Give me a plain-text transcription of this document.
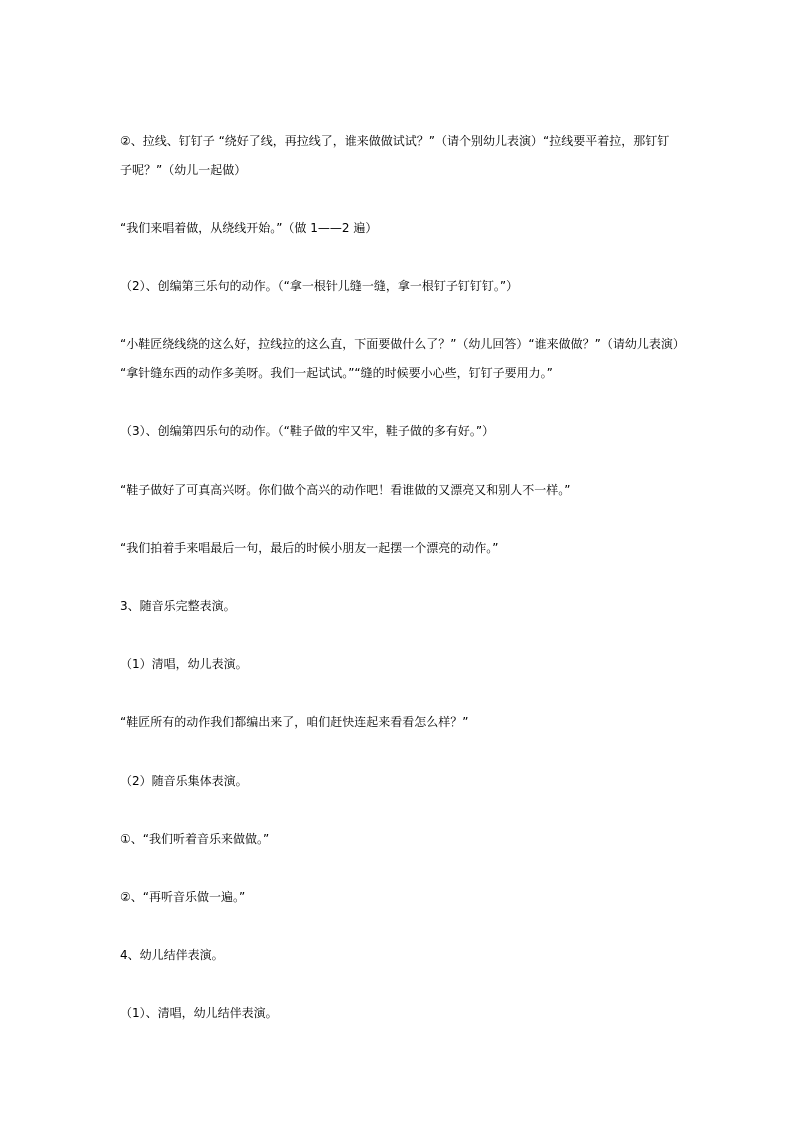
②、拉线、钉钉子 “绕好了线，再拉线了，谁来做做试试？”（请个别幼儿表演）“拉线要平着拉，那钉钉
子呢？”（幼儿一起做）
“我们来唱着做，从绕线开始。”（做 1——2 遍）
（2）、创编第三乐句的动作。（“拿一根针儿缝一缝，拿一根钉子钉钉钉。”）
“小鞋匠绕线绕的这么好，拉线拉的这么直，下面要做什么了？”（幼儿回答）“谁来做做？”（请幼儿表演）
“拿针缝东西的动作多美呀。我们一起试试。”“缝的时候要小心些，钉钉子要用力。”
（3）、创编第四乐句的动作。（“鞋子做的牢又牢，鞋子做的多有好。”）
“鞋子做好了可真高兴呀。你们做个高兴的动作吧！看谁做的又漂亮又和别人不一样。”
“我们拍着手来唱最后一句，最后的时候小朋友一起摆一个漂亮的动作。”
3、随音乐完整表演。
（1）清唱，幼儿表演。
“鞋匠所有的动作我们都编出来了，咱们赶快连起来看看怎么样？”
（2）随音乐集体表演。
①、“我们听着音乐来做做。”
②、“再听音乐做一遍。”
4、幼儿结伴表演。
（1）、清唱，幼儿结伴表演。
